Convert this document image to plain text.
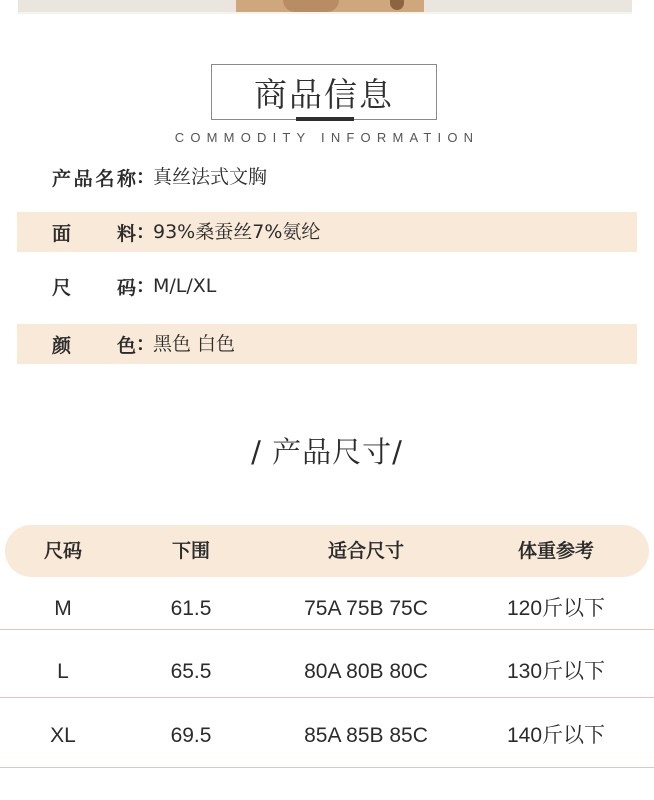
商品信息
COMMODITY INFORMATION
产 品 名 称 ：
真丝法式文胸
面 料 ：
93%桑蚕丝7%氨纶
尺 码 ：
M/L/XL
颜 色 ：
黑色 白色
/ 产品尺寸/
尺码	下围	适合尺寸	体重参考
M	61.5	75A 75B 75C	120斤以下
L	65.5	80A 80B 80C	130斤以下
XL	69.5	85A 85B 85C	140斤以下
